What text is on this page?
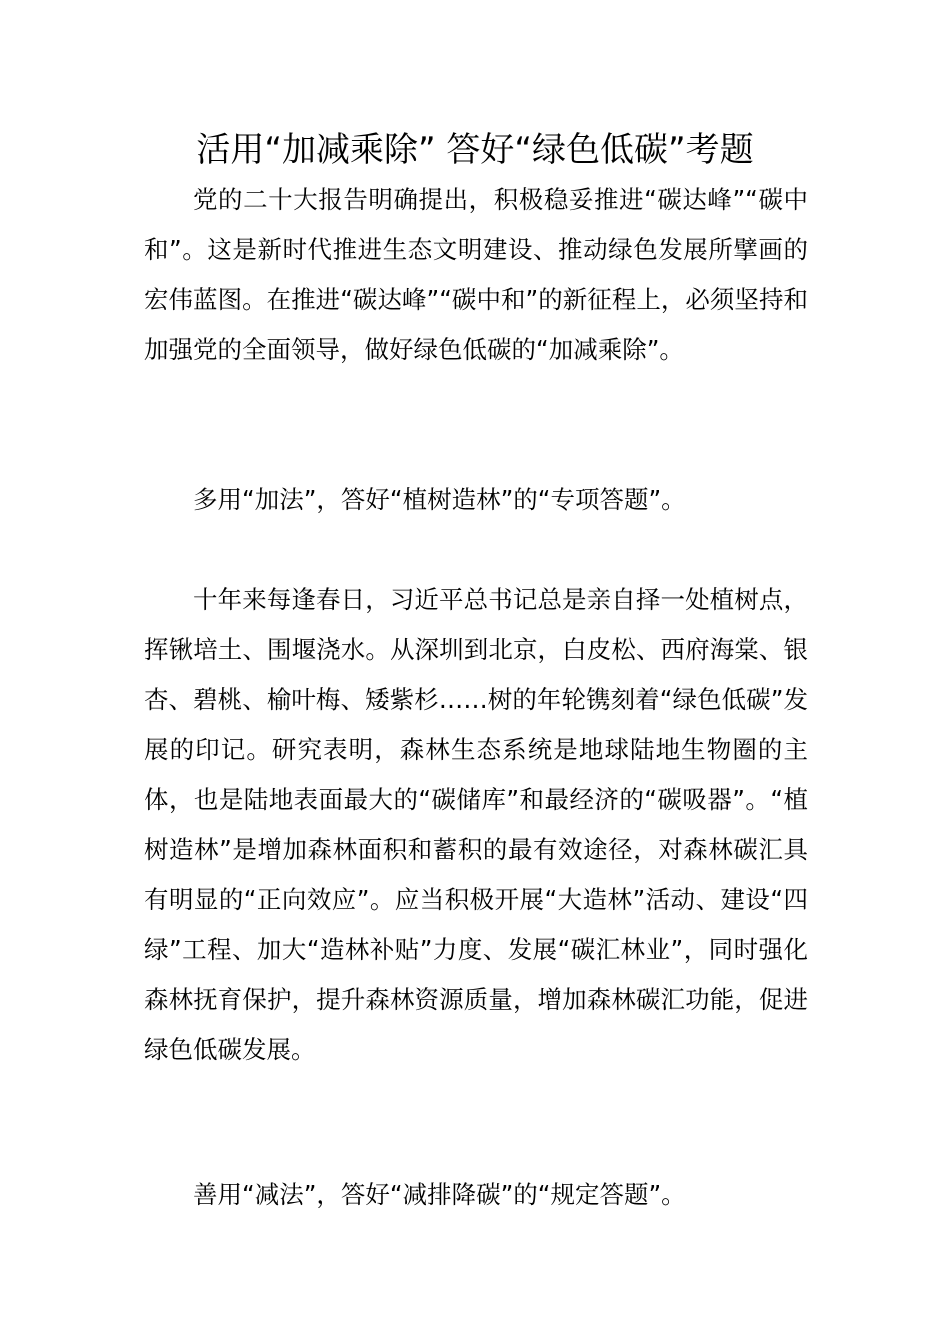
活用“加减乘除” 答好“绿色低碳”考题

党的二十大报告明确提出，积极稳妥推进“碳达峰”“碳中和”。这是新时代推进生态文明建设、推动绿色发展所擘画的宏伟蓝图。在推进“碳达峰”“碳中和”的新征程上，必须坚持和加强党的全面领导，做好绿色低碳的“加减乘除”。

多用“加法”，答好“植树造林”的“专项答题”。

十年来每逢春日，习近平总书记总是亲自择一处植树点，挥锹培土、围堰浇水。从深圳到北京，白皮松、西府海棠、银杏、碧桃、榆叶梅、矮紫杉……树的年轮镌刻着“绿色低碳”发展的印记。研究表明，森林生态系统是地球陆地生物圈的主体，也是陆地表面最大的“碳储库”和最经济的“碳吸器”。“植树造林”是增加森林面积和蓄积的最有效途径，对森林碳汇具有明显的“正向效应”。应当积极开展“大造林”活动、建设“四绿”工程、加大“造林补贴”力度、发展“碳汇林业”，同时强化森林抚育保护，提升森林资源质量，增加森林碳汇功能，促进绿色低碳发展。

善用“减法”，答好“减排降碳”的“规定答题”。
